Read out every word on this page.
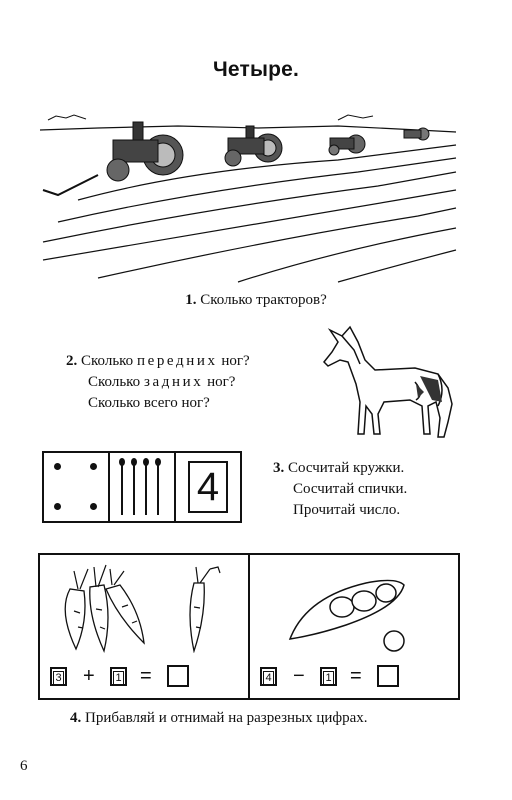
Четыре.
1. Сколько тракторов?
2. Сколько передних ног?
Сколько задних ног?
Сколько всего ног?
4	3. Сосчитай кружки.
Сосчитай спички.
Прочитай число.
3 +	1 =	4 −	1 =
4. Прибавляй и отнимай на разрезных цифрах.
6
